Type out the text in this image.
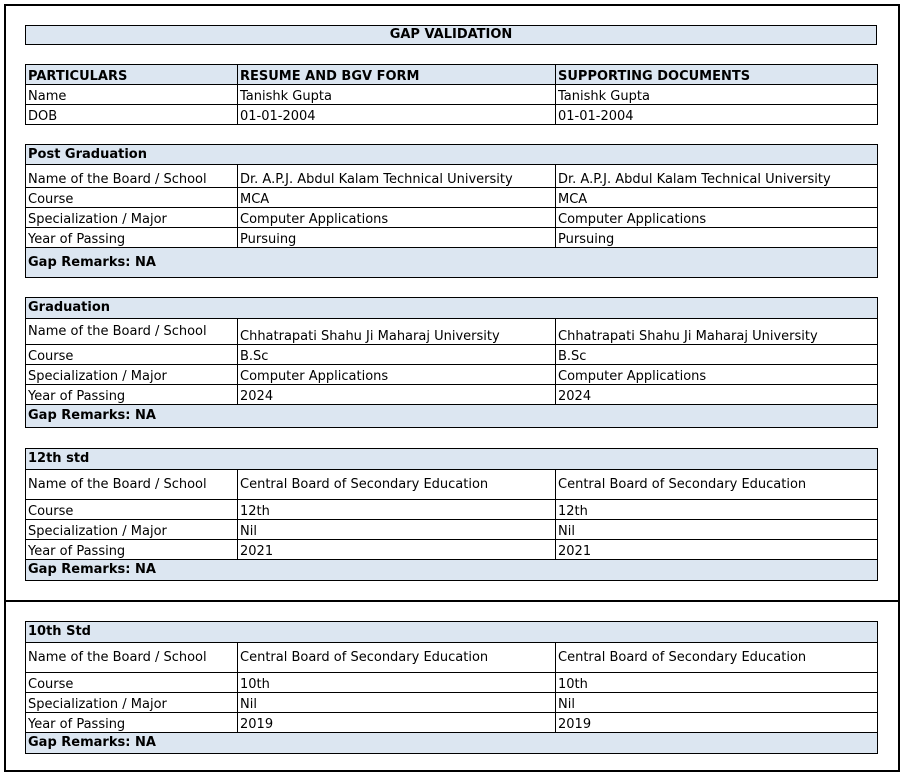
GAP VALIDATION
PARTICULARS	RESUME AND BGV FORM	SUPPORTING DOCUMENTS
Name	Tanishk Gupta	Tanishk Gupta
DOB	01-01-2004	01-01-2004
Post Graduation		
Name of the Board / School	Dr. A.P.J. Abdul Kalam Technical University	Dr. A.P.J. Abdul Kalam Technical University
Course	MCA	MCA
Specialization / Major	Computer Applications	Computer Applications
Year of Passing	Pursuing	Pursuing
Gap Remarks: NA		
Graduation		
Name of the Board / School	Chhatrapati Shahu Ji Maharaj University	Chhatrapati Shahu Ji Maharaj University
Course	B.Sc	B.Sc
Specialization / Major	Computer Applications	Computer Applications
Year of Passing	2024	2024
Gap Remarks: NA		
12th std		
Name of the Board / School	Central Board of Secondary Education	Central Board of Secondary Education
Course	12th	12th
Specialization / Major	Nil	Nil
Year of Passing	2021	2021
Gap Remarks: NA		
10th Std		
Name of the Board / School	Central Board of Secondary Education	Central Board of Secondary Education
Course	10th	10th
Specialization / Major	Nil	Nil
Year of Passing	2019	2019
Gap Remarks: NA		
